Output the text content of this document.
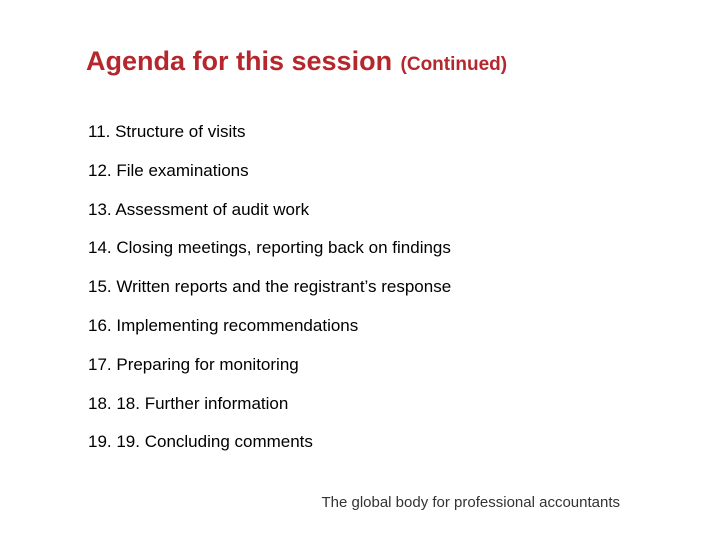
Agenda for this session (Continued)
11. Structure of visits
12. File examinations
13. Assessment of audit work
14. Closing meetings, reporting back on findings
15. Written reports and the registrant’s response
16. Implementing recommendations
17. Preparing for monitoring
18. 18. Further information
19. 19. Concluding comments
The global body for professional accountants
